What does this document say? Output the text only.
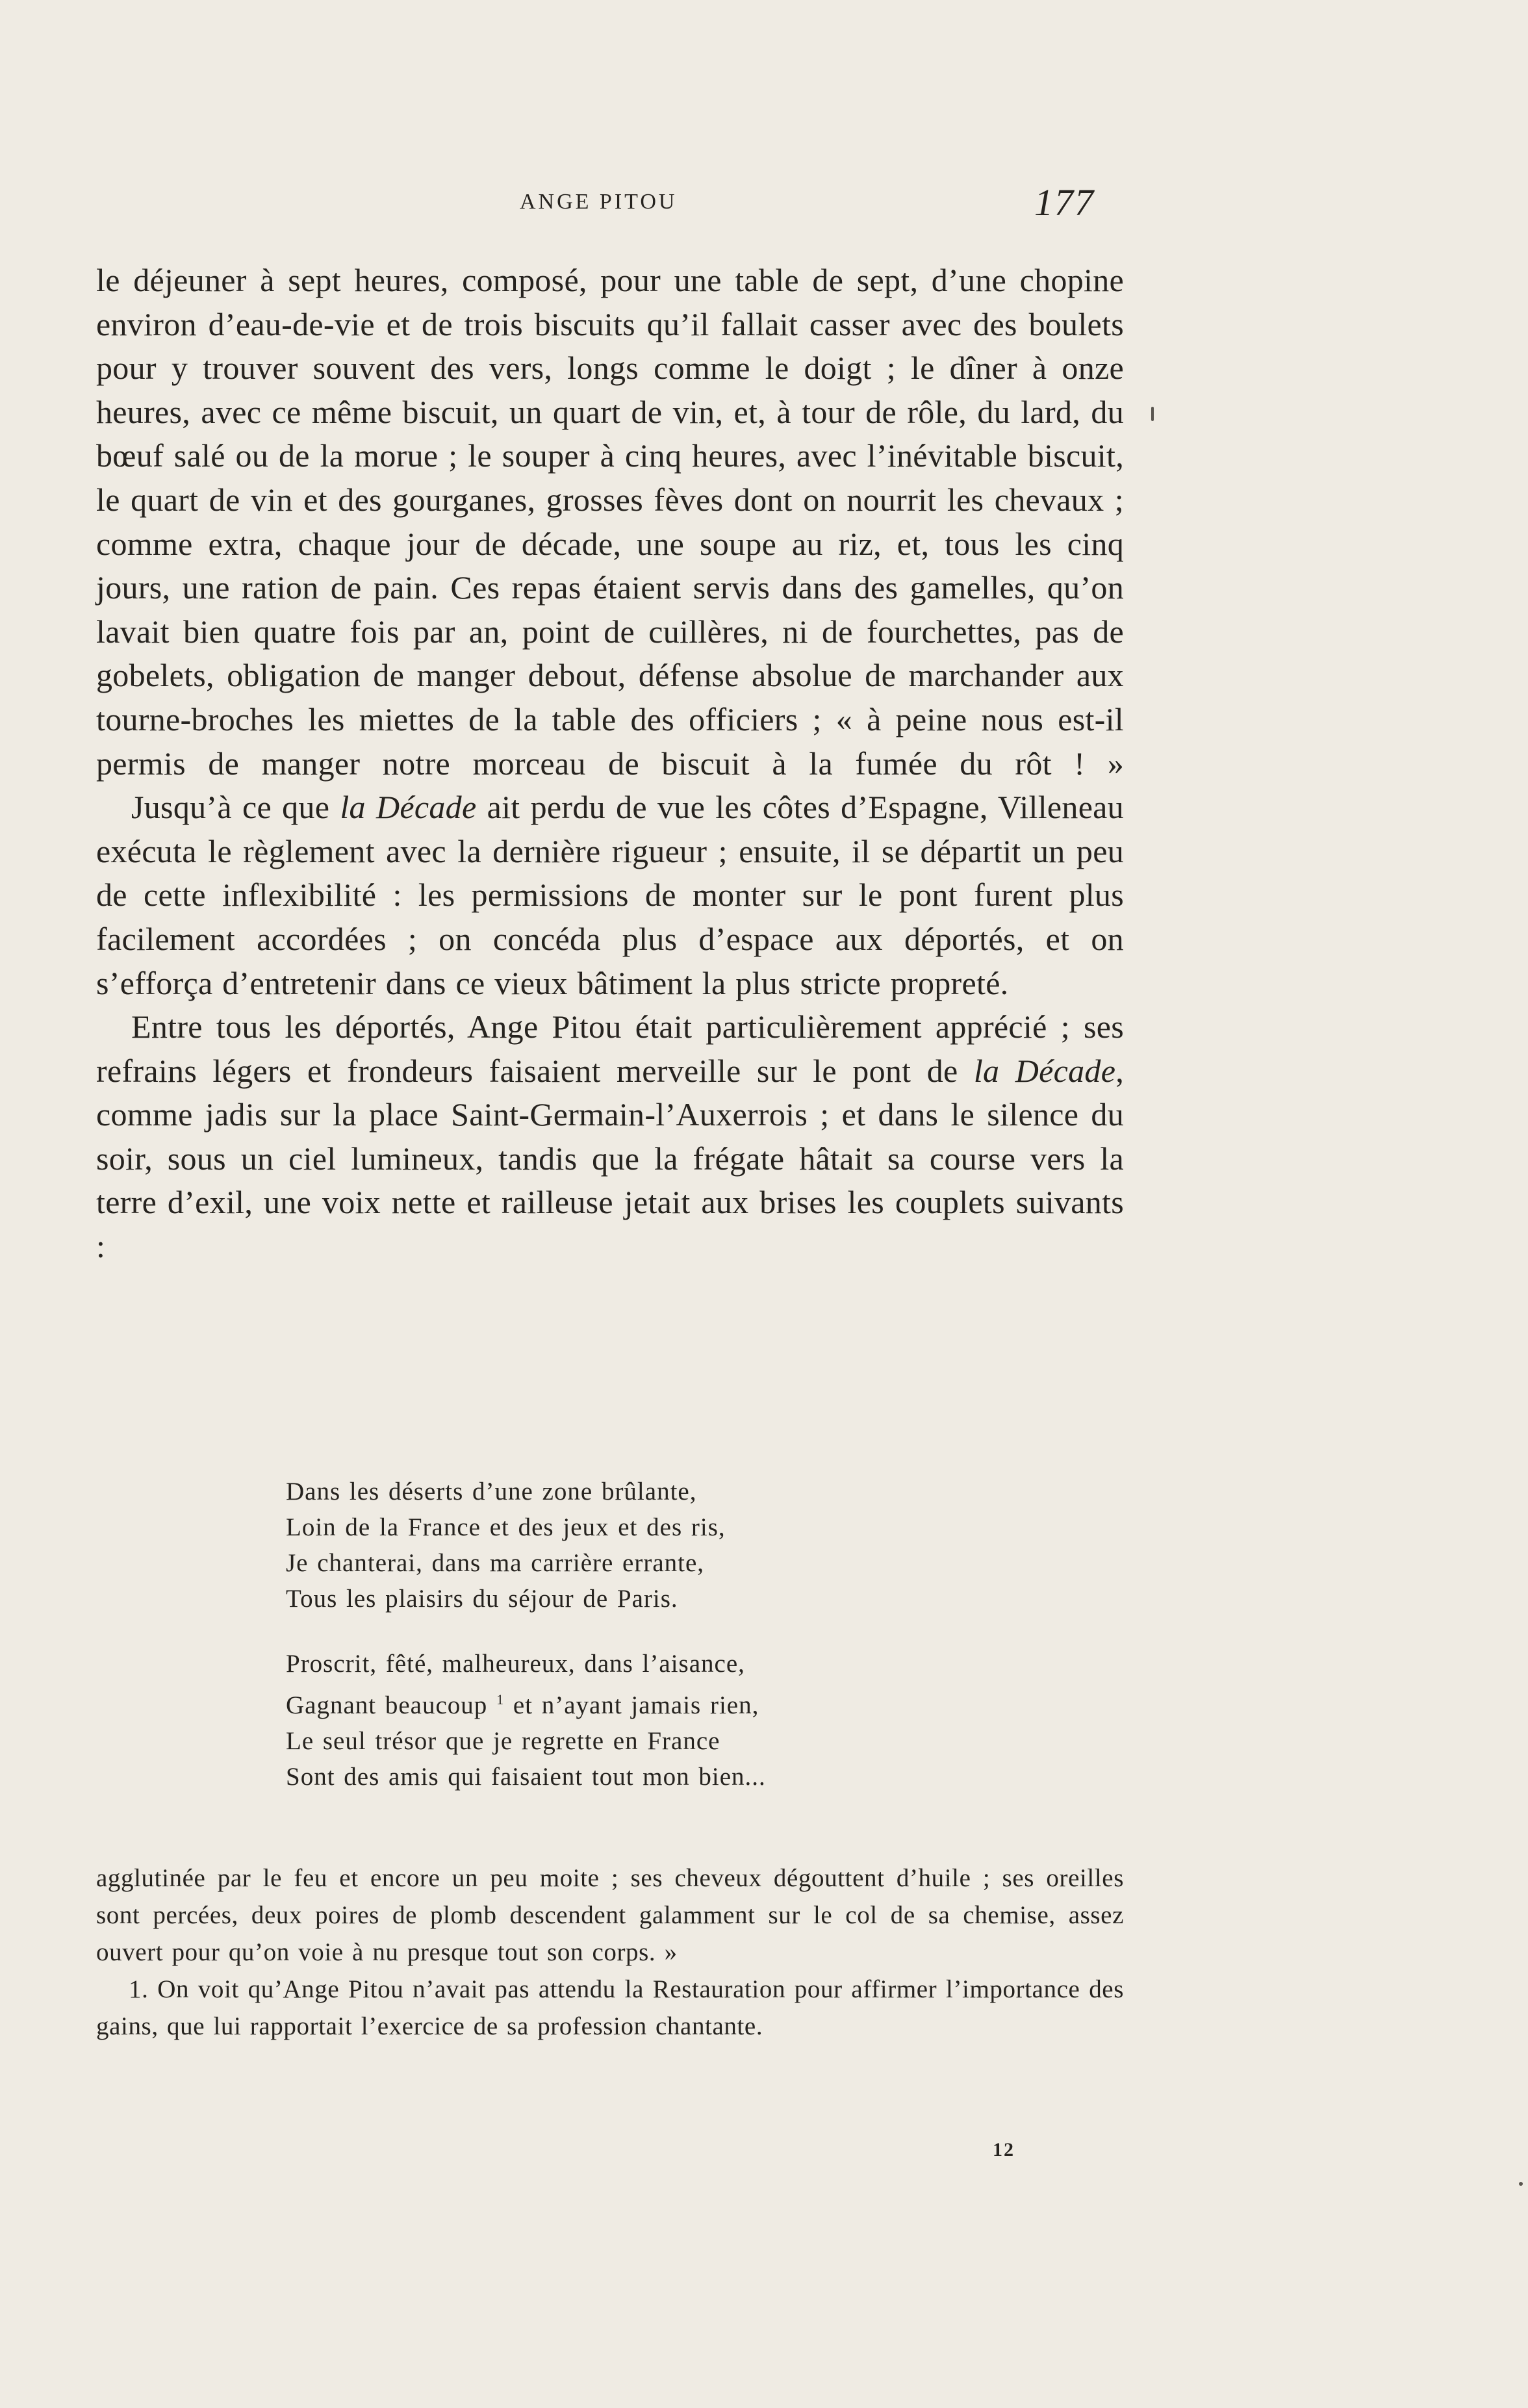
ANGE PITOU	177

le déjeuner à sept heures, composé, pour une table de sept, d’une chopine environ d’eau-de-vie et de trois biscuits qu’il fallait casser avec des boulets pour y trouver souvent des vers, longs comme le doigt ; le dîner à onze heures, avec ce même biscuit, un quart de vin, et, à tour de rôle, du lard, du bœuf salé ou de la morue ; le souper à cinq heures, avec l’inévitable biscuit, le quart de vin et des gourganes, grosses fèves dont on nourrit les chevaux ; comme extra, chaque jour de décade, une soupe au riz, et, tous les cinq jours, une ration de pain. Ces repas étaient servis dans des gamelles, qu’on lavait bien quatre fois par an, point de cuillères, ni de fourchettes, pas de gobelets, obligation de manger debout, défense absolue de marchander aux tourne-broches les miettes de la table des officiers ; « à peine nous est-il permis de manger notre morceau de biscuit à la fumée du rôt ! »

Jusqu’à ce que la Décade ait perdu de vue les côtes d’Espagne, Villeneau exécuta le règlement avec la dernière rigueur ; ensuite, il se départit un peu de cette inflexibilité : les permissions de monter sur le pont furent plus facilement accordées ; on concéda plus d’espace aux déportés, et on s’efforça d’entretenir dans ce vieux bâtiment la plus stricte propreté.

Entre tous les déportés, Ange Pitou était particulièrement apprécié ; ses refrains légers et frondeurs faisaient merveille sur le pont de la Décade, comme jadis sur la place Saint-Germain-l’Auxerrois ; et dans le silence du soir, sous un ciel lumineux, tandis que la frégate hâtait sa course vers la terre d’exil, une voix nette et railleuse jetait aux brises les couplets suivants :

Dans les déserts d’une zone brûlante,
Loin de la France et des jeux et des ris,
Je chanterai, dans ma carrière errante,
Tous les plaisirs du séjour de Paris.
Proscrit, fêté, malheureux, dans l’aisance,
Gagnant beaucoup $^1$ et n’ayant jamais rien,
Le seul trésor que je regrette en France
Sont des amis qui faisaient tout mon bien...

agglutinée par le feu et encore un peu moite ; ses cheveux dégouttent d’huile ; ses oreilles sont percées, deux poires de plomb descendent galamment sur le col de sa chemise, assez ouvert pour qu’on voie à nu presque tout son corps. »

1. On voit qu’Ange Pitou n’avait pas attendu la Restauration pour affirmer l’importance des gains, que lui rapportait l’exercice de sa profession chantante.

12
